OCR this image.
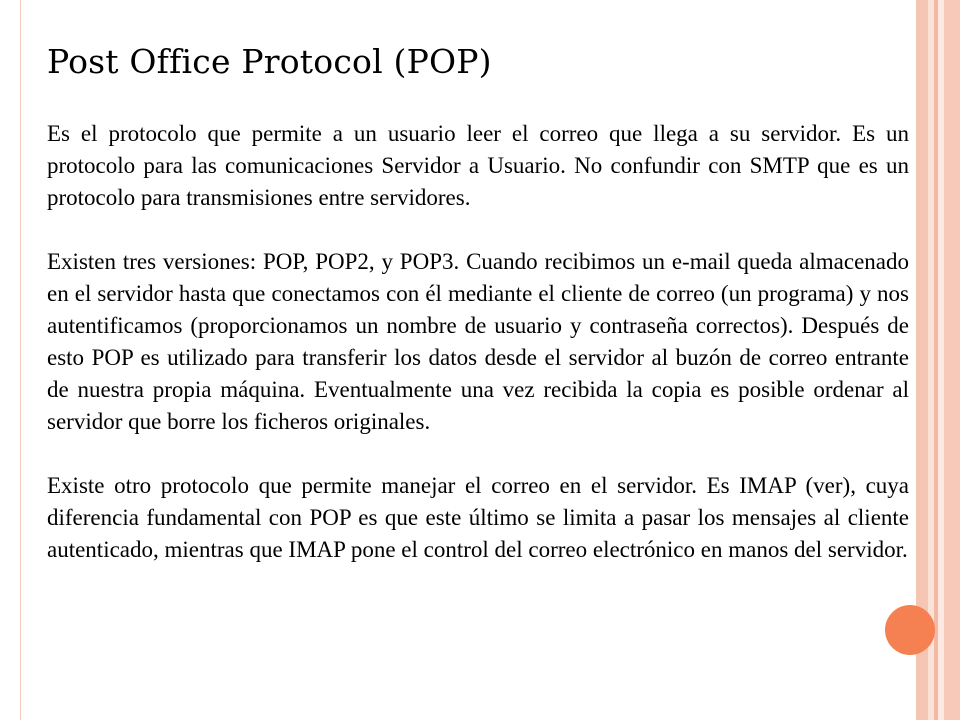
Post Office Protocol (POP)

Es el protocolo que permite a un usuario leer el correo que llega a su servidor. Es un protocolo para las comunicaciones Servidor a Usuario. No confundir con SMTP que es un protocolo para transmisiones entre servidores.

Existen tres versiones: POP, POP2, y POP3. Cuando recibimos un e-mail queda almacenado en el servidor hasta que conectamos con él mediante el cliente de correo (un programa) y nos autentificamos (proporcionamos un nombre de usuario y contraseña correctos). Después de esto POP es utilizado para transferir los datos desde el servidor al buzón de correo entrante de nuestra propia máquina. Eventualmente una vez recibida la copia es posible ordenar al servidor que borre los ficheros originales.

Existe otro protocolo que permite manejar el correo en el servidor. Es IMAP (ver), cuya diferencia fundamental con POP es que este último se limita a pasar los mensajes al cliente autenticado, mientras que IMAP pone el control del correo electrónico en manos del servidor.
